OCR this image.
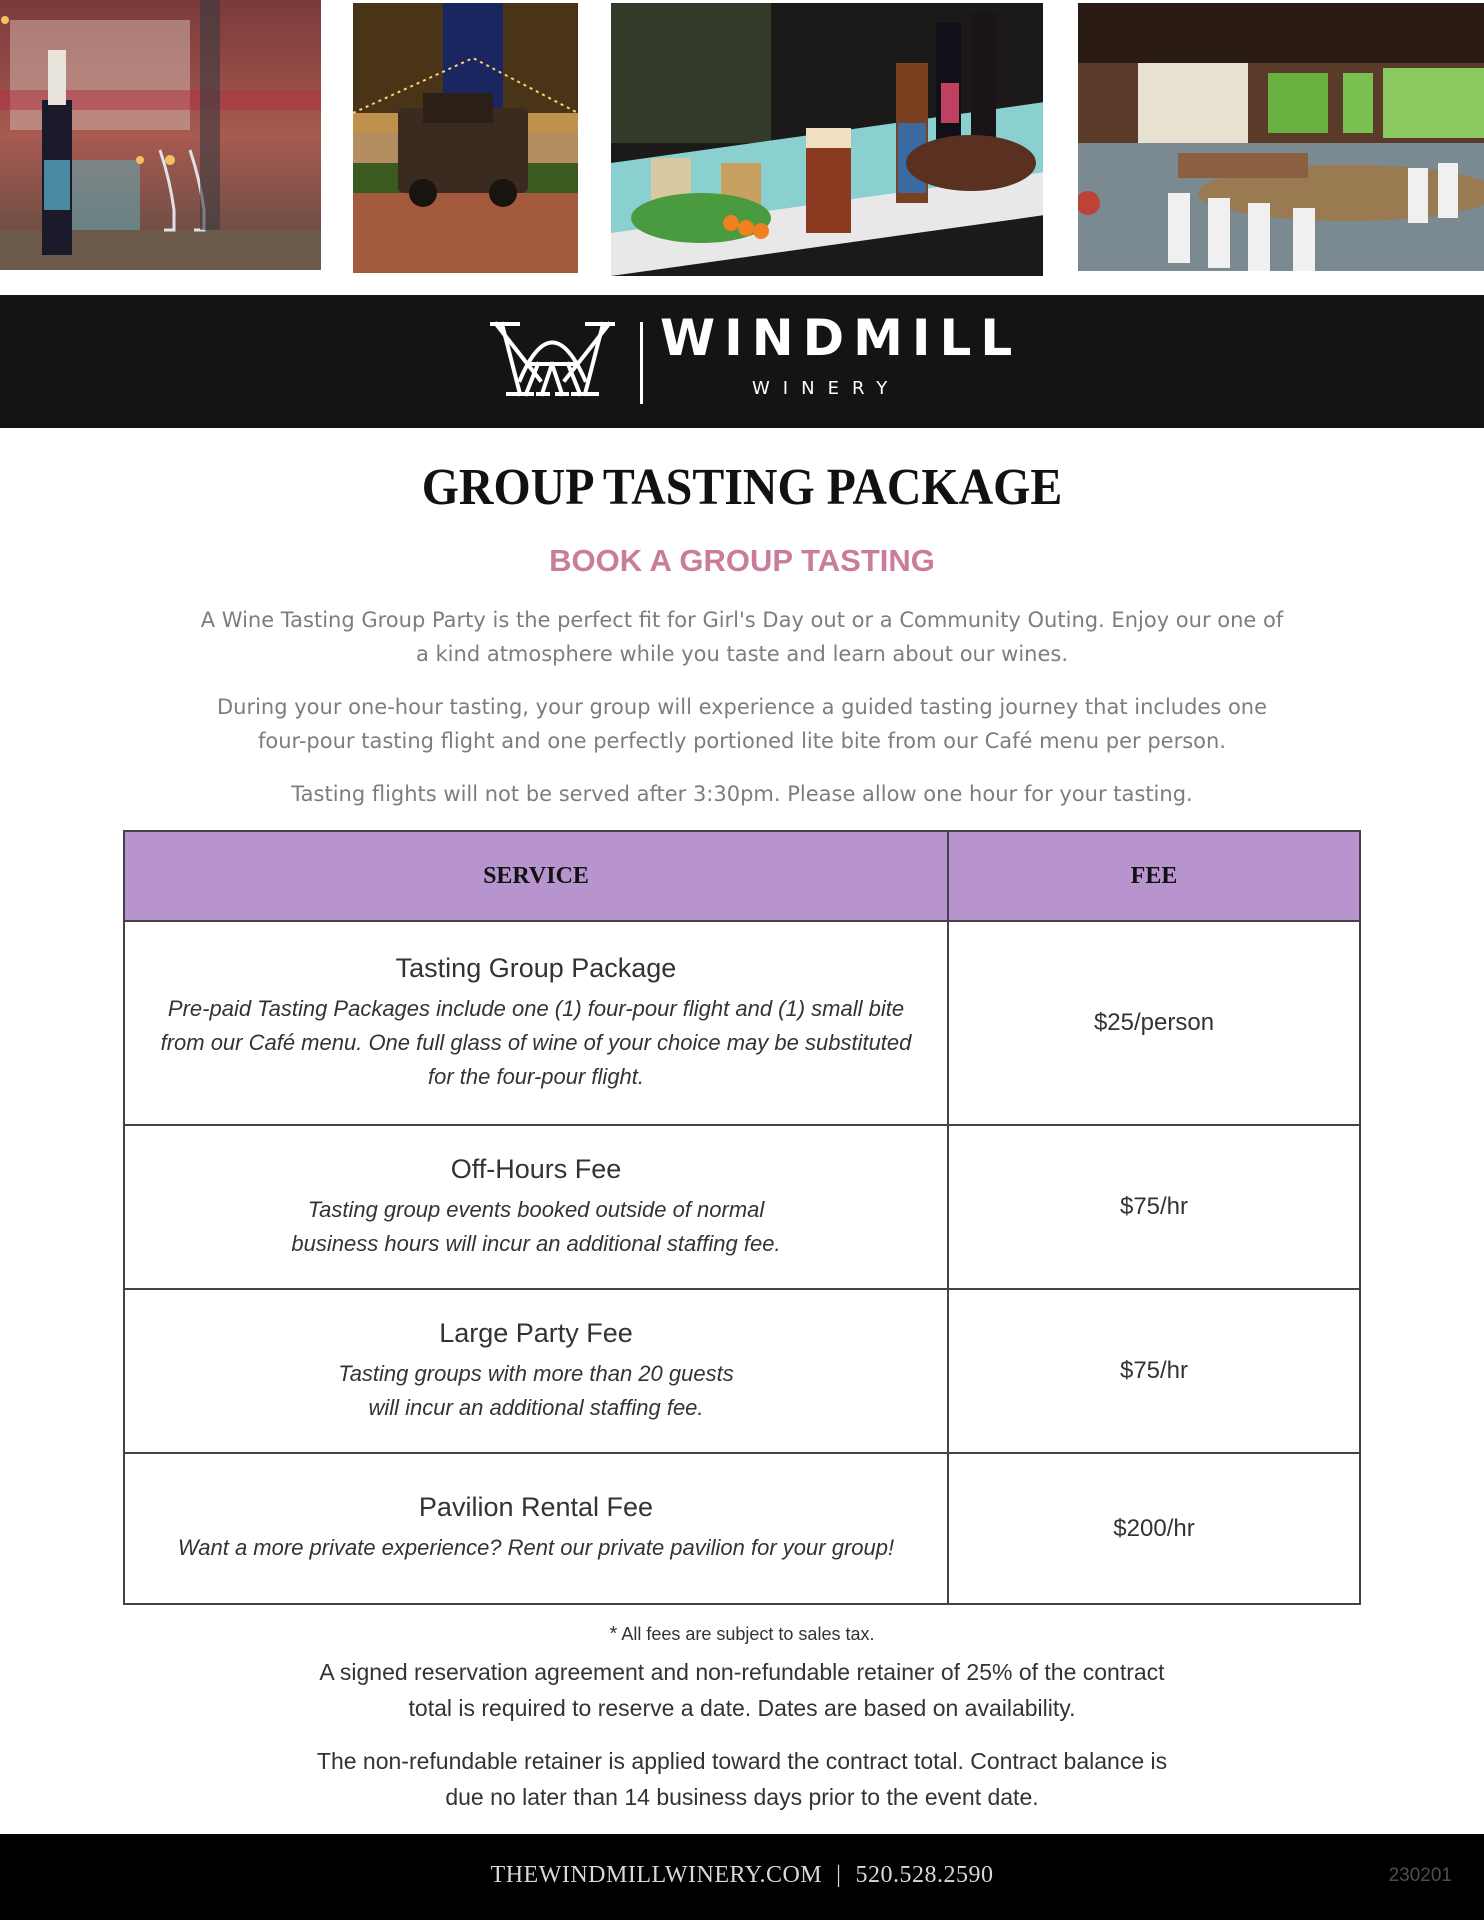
WINDMILL
WINERY
GROUP TASTING PACKAGE
BOOK A GROUP TASTING

A Wine Tasting Group Party is the perfect fit for Girl's Day out or a Community Outing. Enjoy our one of a kind atmosphere while you taste and learn about our wines.

During your one-hour tasting, your group will experience a guided tasting journey that includes one four-pour tasting flight and one perfectly portioned lite bite from our Café menu per person.

Tasting flights will not be served after 3:30pm. Please allow one hour for your tasting.

SERVICE	FEE

Tasting Group Package
Pre-paid Tasting Packages include one (1) four-pour flight and (1) small bite from our Café menu. One full glass of wine of your choice may be substituted for the four-pour flight.	$25/person

Off-Hours Fee
Tasting group events booked outside of normal business hours will incur an additional staffing fee.	$75/hr

Large Party Fee
Tasting groups with more than 20 guests will incur an additional staffing fee.	$75/hr

Pavilion Rental Fee
Want a more private experience? Rent our private pavilion for your group!	$200/hr
* All fees are subject to sales tax.

A signed reservation agreement and non-refundable retainer of 25% of the contract total is required to reserve a date. Dates are based on availability.

The non-refundable retainer is applied toward the contract total. Contract balance is due no later than 14 business days prior to the event date.

THEWINDMILLWINERY.COM | 520.528.2590	230201
